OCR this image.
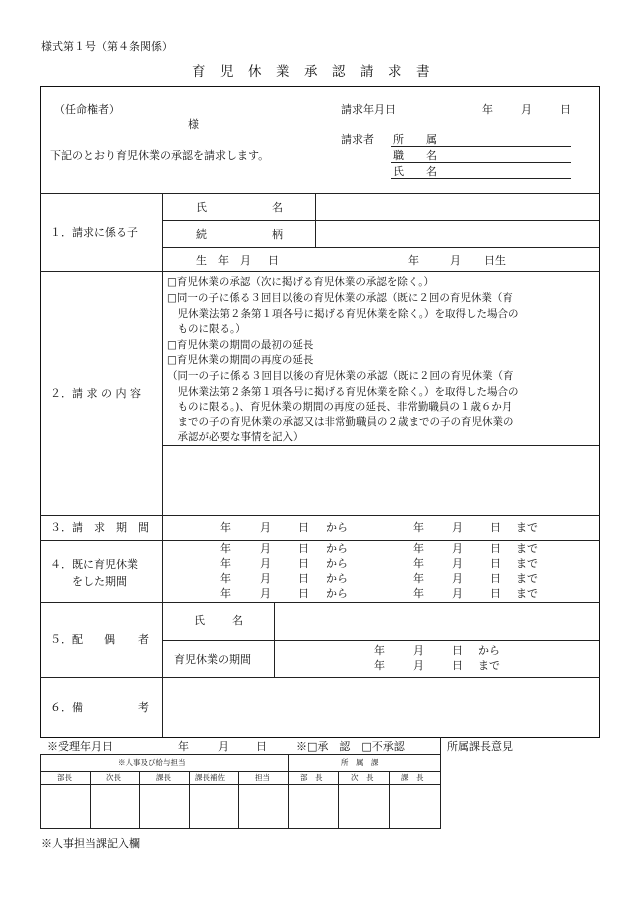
様式第１号（第４条関係）
育 児 休 業 承 認 請 求 書
（任命権者）
様
下記のとおり育児休業の承認を請求します。
請求年月日	年	月	日
請求者 所　　属
職　　名
氏　　名
１．請求に係る子
氏	名
続	柄
生 年 月 日	年	月 日生
２．請 求 の 内 容
□育児休業の承認（次に掲げる育児休業の承認を除く。）
□同一の子に係る３回目以後の育児休業の承認（既に２回の育児休業（育
　児休業法第２条第１項各号に掲げる育児休業を除く。）を取得した場合の
　ものに限る。）
□育児休業の期間の最初の延長
□育児休業の期間の再度の延長
（同一の子に係る３回目以後の育児休業の承認（既に２回の育児休業（育
　児休業法第２条第１項各号に掲げる育児休業を除く。）を取得した場合の
　ものに限る。)、育児休業の期間の再度の延長、非常勤職員の１歳６か月
　までの子の育児休業の承認又は非常勤職員の２歳までの子の育児休業の
　承認が必要な事情を記入）
３．請　求　期　間	年	月 日 から	年	月 日 まで
４．既に育児休業
をした期間
年	月 日 から	年	月 日 まで
年	月 日 から	年	月 日 まで
年	月 日 から	年	月 日 まで
年	月 日 から	年	月 日 まで
５．配 偶 者
氏 名
育児休業の期間
年	月	日 から
年	月	日 まで
６．備	考
※受理年月日	年	月 日	※□承　認　□不承認	所属課長意見
※人事及び給与担当	所　属　課
部長	次長	課長	課長補佐	担当	部　長	次　長	課　長
※人事担当課記入欄
